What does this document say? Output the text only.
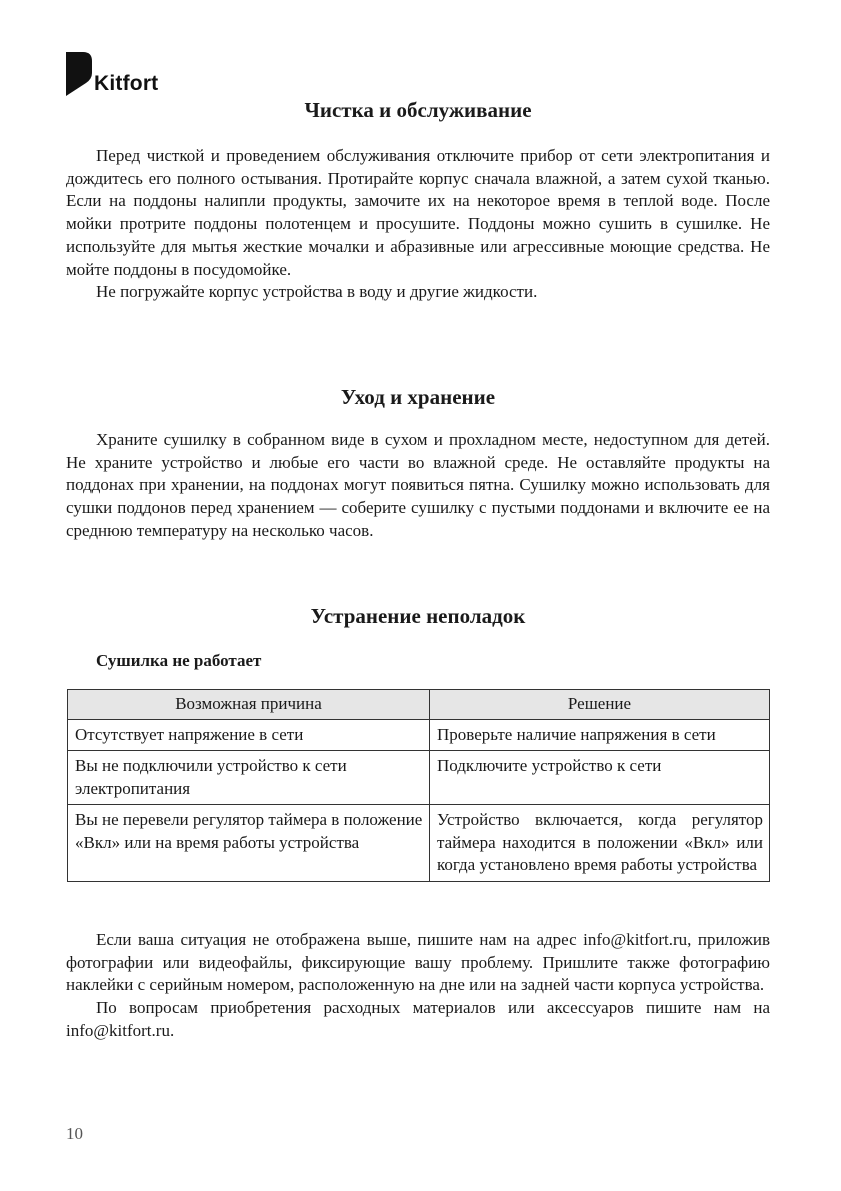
Kitfort
Чистка и обслуживание

Перед чисткой и проведением обслуживания отключите прибор от сети электропитания и дождитесь его полного остывания. Протирайте корпус сначала влажной, а затем сухой тканью. Если на поддоны налипли продукты, замочите их на некоторое время в теплой воде. После мойки протрите поддоны полотенцем и просушите. Поддоны можно сушить в сушилке. Не используйте для мытья жесткие мочалки и абразивные или агрессивные моющие средства. Не мойте поддоны в посудомойке.

Не погружайте корпус устройства в воду и другие жидкости.

Уход и хранение

Храните сушилку в собранном виде в сухом и прохладном месте, недоступном для детей. Не храните устройство и любые его части во влажной среде. Не оставляйте продукты на поддонах при хранении, на поддонах могут появиться пятна. Сушилку можно использовать для сушки поддонов перед хранением — соберите сушилку с пустыми поддонами и включите ее на среднюю температуру на несколько часов.

Устранение неполадок

Сушилка не работает

Возможная причина	Решение
Отсутствует напряжение в сети	Проверьте наличие напряжения в сети
Вы не подключили устройство к сети электропитания	Подключите устройство к сети
Вы не перевели регулятор таймера в положение «Вкл» или на время работы устройства	Устройство включается, когда регулятор таймера находится в положении «Вкл» или когда установлено время работы устройства

Если ваша ситуация не отображена выше, пишите нам на адрес info@kitfort.ru, приложив фотографии или видеофайлы, фиксирующие вашу проблему. Пришлите также фотографию наклейки с серийным номером, расположенную на дне или на задней части корпуса устройства.

По вопросам приобретения расходных материалов или аксессуаров пишите нам на info@kitfort.ru.

10
